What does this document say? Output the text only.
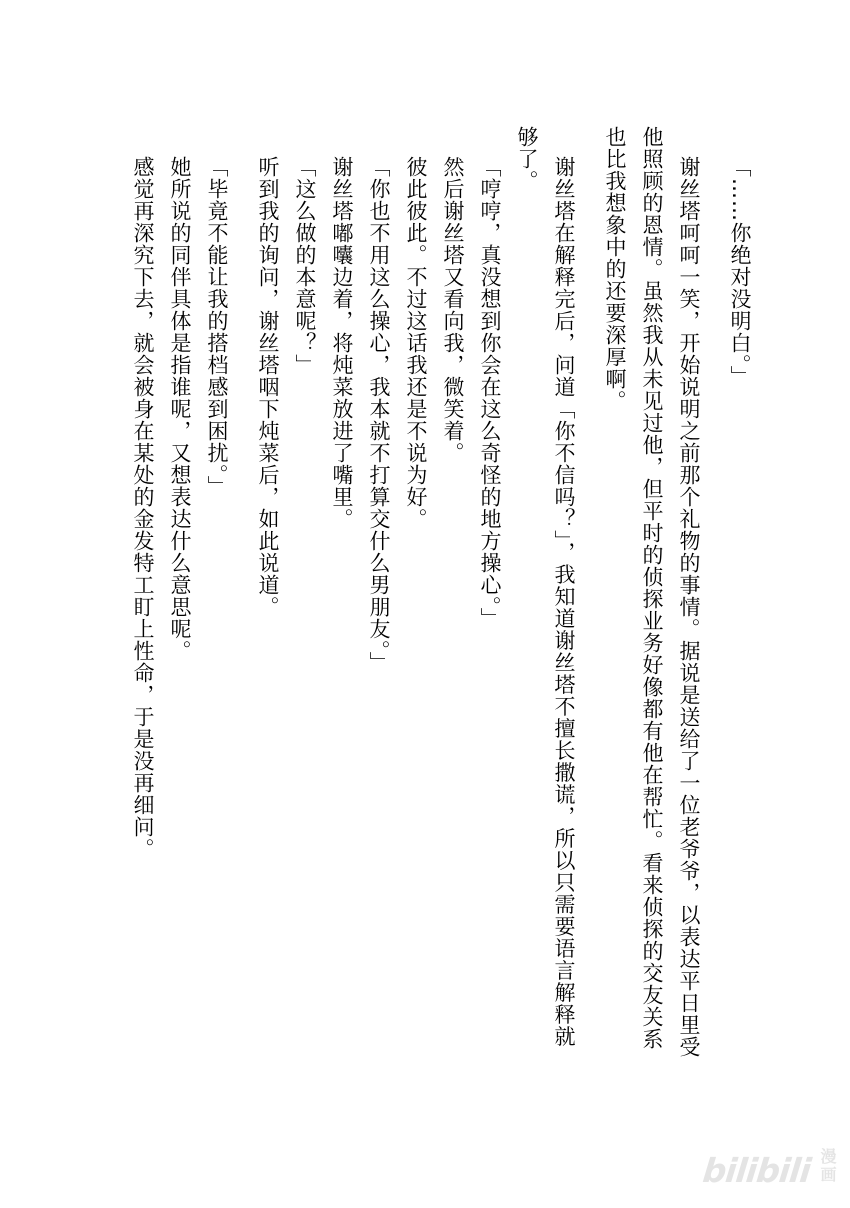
「……你绝对没明白。」

谢丝塔呵呵一笑，开始说明之前那个礼物的事情。据说是送给了一位老爷爷，以表达平日里受他照顾的恩情。虽然我从未见过他，但平时的侦探业务好像都有他在帮忙。看来侦探的交友关系也比我想象中的还要深厚啊。

谢丝塔在解释完后，问道「你不信吗？」，我知道谢丝塔不擅长撒谎，所以只需要语言解释就够了。

「哼哼，真没想到你会在这么奇怪的地方操心。」

然后谢丝塔又看向我，微笑着。

彼此彼此。不过这话我还是不说为好。

「你也不用这么操心，我本就不打算交什么男朋友。」

谢丝塔嘟囔边着，将炖菜放进了嘴里。

「这么做的本意呢？」

听到我的询问，谢丝塔咽下炖菜后，如此说道。

「毕竟不能让我的搭档感到困扰。」

她所说的同伴具体是指谁呢，又想表达什么意思呢。

感觉再深究下去，就会被身在某处的金发特工盯上性命，于是没再细问。

bilibili 漫画
